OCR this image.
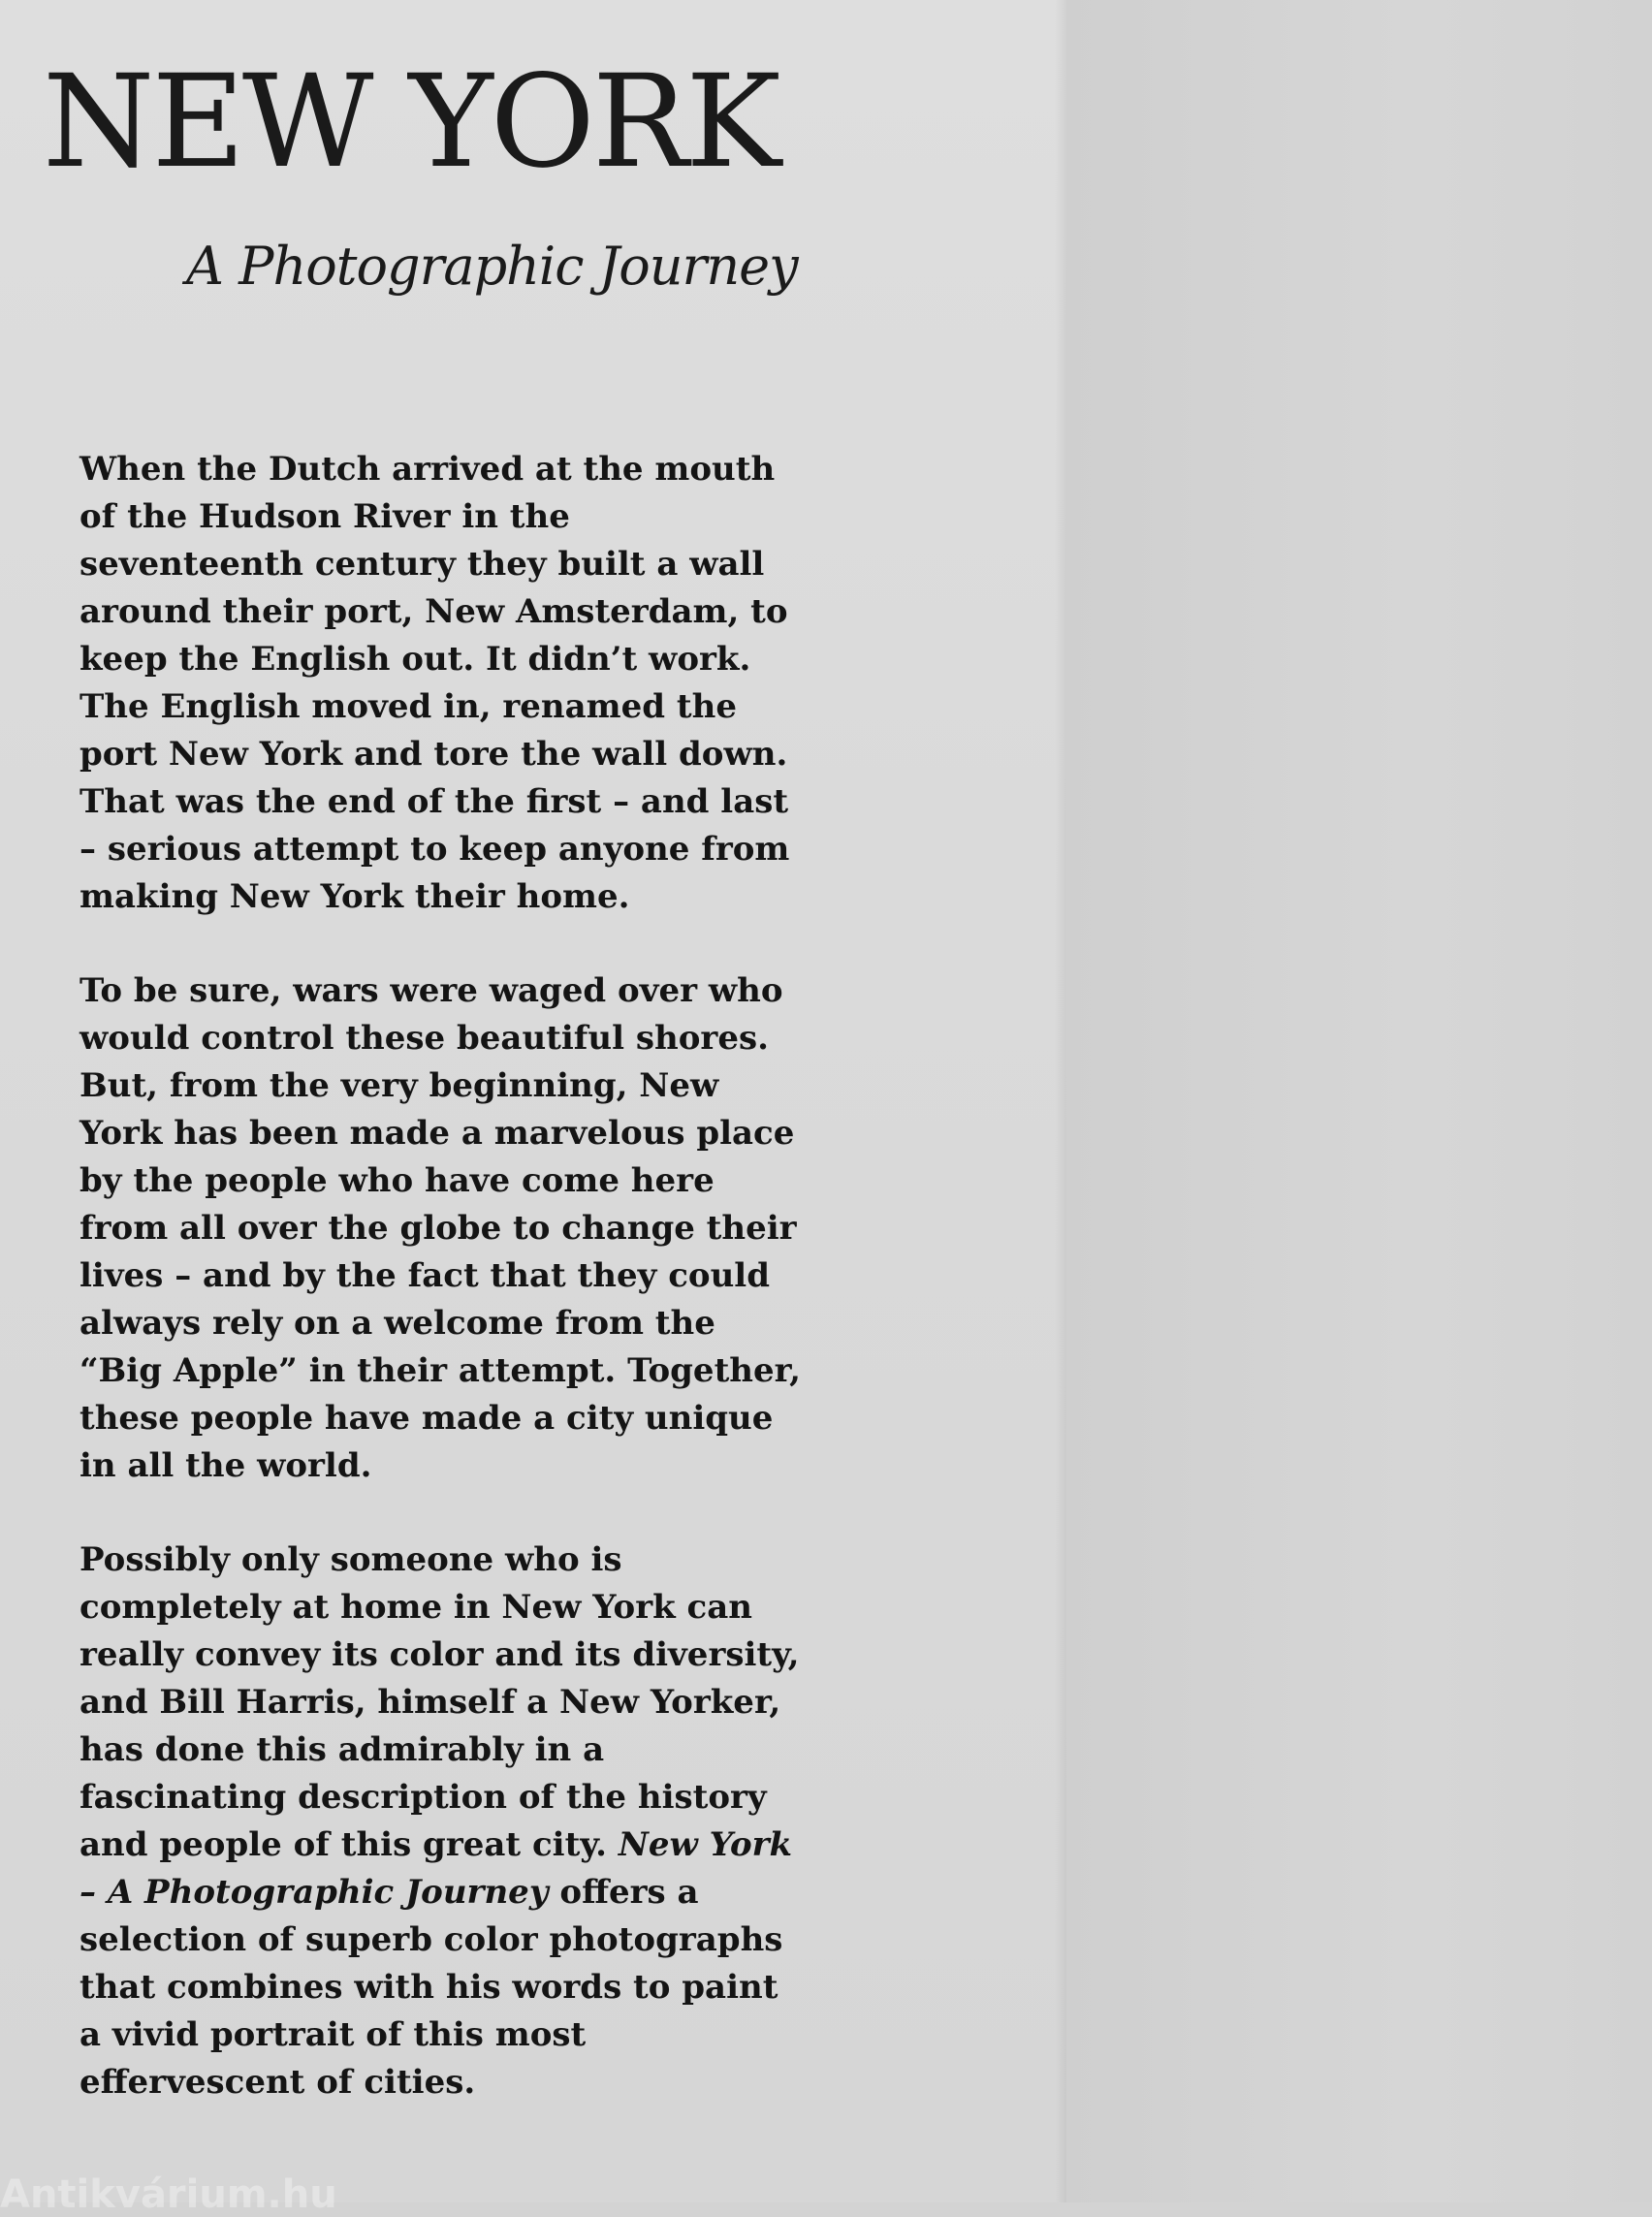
NEW YORK
A Photographic Journey

When the Dutch arrived at the mouth
of the Hudson River in the
seventeenth century they built a wall
around their port, New Amsterdam, to
keep the English out. It didn’t work.
The English moved in, renamed the
port New York and tore the wall down.
That was the end of the first – and last
– serious attempt to keep anyone from
making New York their home.

To be sure, wars were waged over who
would control these beautiful shores.
But, from the very beginning, New
York has been made a marvelous place
by the people who have come here
from all over the globe to change their
lives – and by the fact that they could
always rely on a welcome from the
“Big Apple” in their attempt. Together,
these people have made a city unique
in all the world.

Possibly only someone who is
completely at home in New York can
really convey its color and its diversity,
and Bill Harris, himself a New Yorker,
has done this admirably in a
fascinating description of the history
and people of this great city. New York
– A Photographic Journey offers a
selection of superb color photographs
that combines with his words to paint
a vivid portrait of this most
effervescent of cities.

Antikvárium.hu
